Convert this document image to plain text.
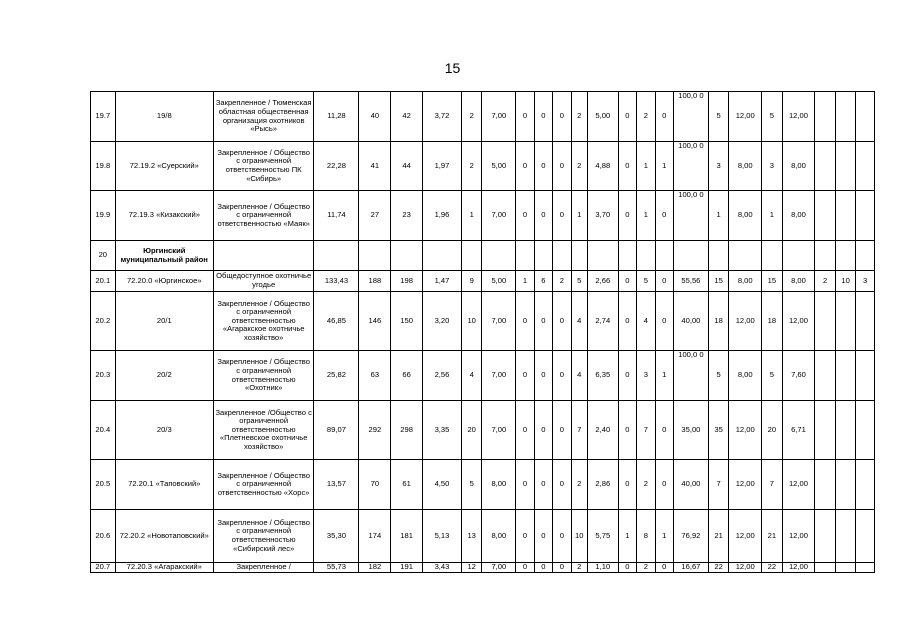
15
19.7	19/8	Закрепленное / Тюменская областная общественная организация охотников «Рысь»	11,28	40	42	3,72	2	7,00	0	0	0	2	5,00	0	2	0	100,0 0	5	12,00	5	12,00			
19.8	72.19.2 «Суерский»	Закрепленное / Общество с ограниченной ответственностью ПК «Сибирь»	22,28	41	44	1,97	2	5,00	0	0	0	2	4,88	0	1	1	100,0 0	3	8,00	3	8,00			
19.9	72.19.3 «Кизакский»	Закрепленное / Общество с ограниченной ответственностью «Маяк»	11,74	27	23	1,96	1	7,00	0	0	0	1	3,70	0	1	0	100,0 0	1	8,00	1	8,00			
20	Юргинский муниципальный район																							
20.1	72.20.0 «Юргинское»	Общедоступное охотничье угодье	133,43	188	198	1,47	9	5,00	1	6	2	5	2,66	0	5	0	55,56	15	8,00	15	8,00	2	10	3
20.2	20/1	Закрепленное / Общество с ограниченной ответственностью «Агаракское охотничье хозяйство»	46,85	146	150	3,20	10	7,00	0	0	0	4	2,74	0	4	0	40,00	18	12,00	18	12,00			
20.3	20/2	Закрепленное / Общество с ограниченной ответственностью «Охотник»	25,82	63	66	2,56	4	7,00	0	0	0	4	6,35	0	3	1	100,0 0	5	8,00	5	7,60			
20.4	20/3	Закрепленное /Общество с ограниченной ответственностью «Плетневское охотничье хозяйство»	89,07	292	298	3,35	20	7,00	0	0	0	7	2,40	0	7	0	35,00	35	12,00	20	6,71			
20.5	72.20.1 «Таповский»	Закрепленное / Общество с ограниченной ответственностью «Хорс»	13,57	70	61	4,50	5	8,00	0	0	0	2	2,86	0	2	0	40,00	7	12,00	7	12,00			
20.6	72.20.2 «Новотаповский»	Закрепленное / Общество с ограниченной ответственностью «Сибирский лес»	35,30	174	181	5,13	13	8,00	0	0	0	10	5,75	1	8	1	76,92	21	12,00	21	12,00			
20.7	72.20.3 «Агаракский»	Закрепленное /	55,73	182	191	3,43	12	7,00	0	0	0	2	1,10	0	2	0	16,67	22	12,00	22	12,00			
